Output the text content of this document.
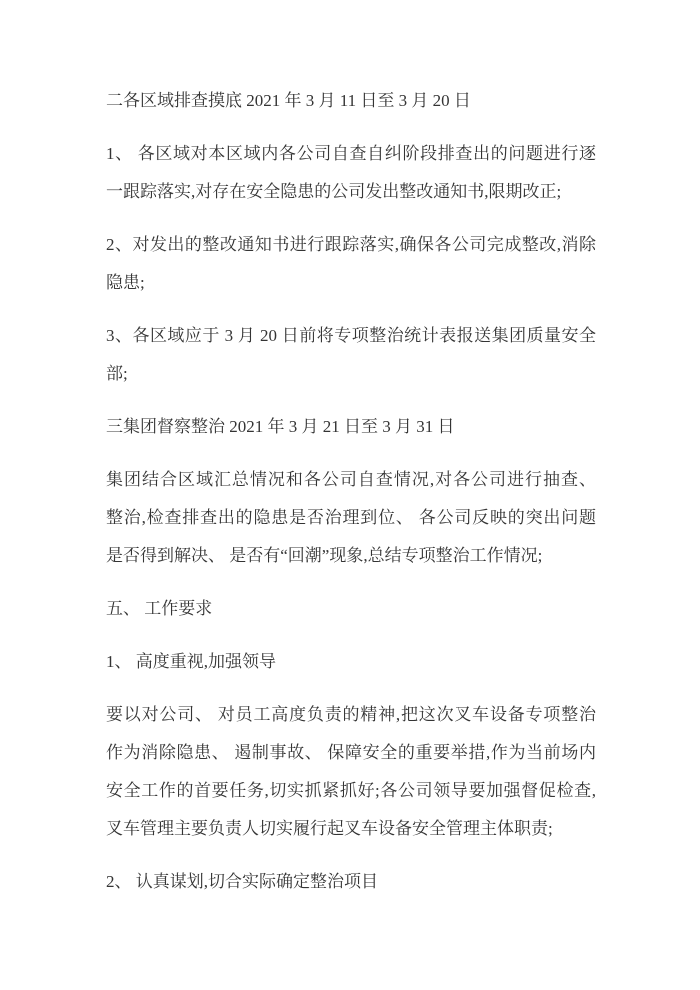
二各区域排查摸底 2021 年 3 月 11 日至 3 月 20 日
1、 各区域对本区域内各公司自查自纠阶段排查出的问题进行逐
一跟踪落实,对存在安全隐患的公司发出整改通知书,限期改正;
2、对发出的整改通知书进行跟踪落实,确保各公司完成整改,消除
隐患;
3、各区域应于 3 月 20 日前将专项整治统计表报送集团质量安全
部;
三集团督察整治 2021 年 3 月 21 日至 3 月 31 日
集团结合区域汇总情况和各公司自查情况,对各公司进行抽查、
整治,检查排查出的隐患是否治理到位、 各公司反映的突出问题
是否得到解决、 是否有“回潮”现象,总结专项整治工作情况;
五、 工作要求
1、 高度重视,加强领导
要以对公司、 对员工高度负责的精神,把这次叉车设备专项整治
作为消除隐患、 遏制事故、 保障安全的重要举措,作为当前场内
安全工作的首要任务,切实抓紧抓好;各公司领导要加强督促检查,
叉车管理主要负责人切实履行起叉车设备安全管理主体职责;
2、 认真谋划,切合实际确定整治项目
